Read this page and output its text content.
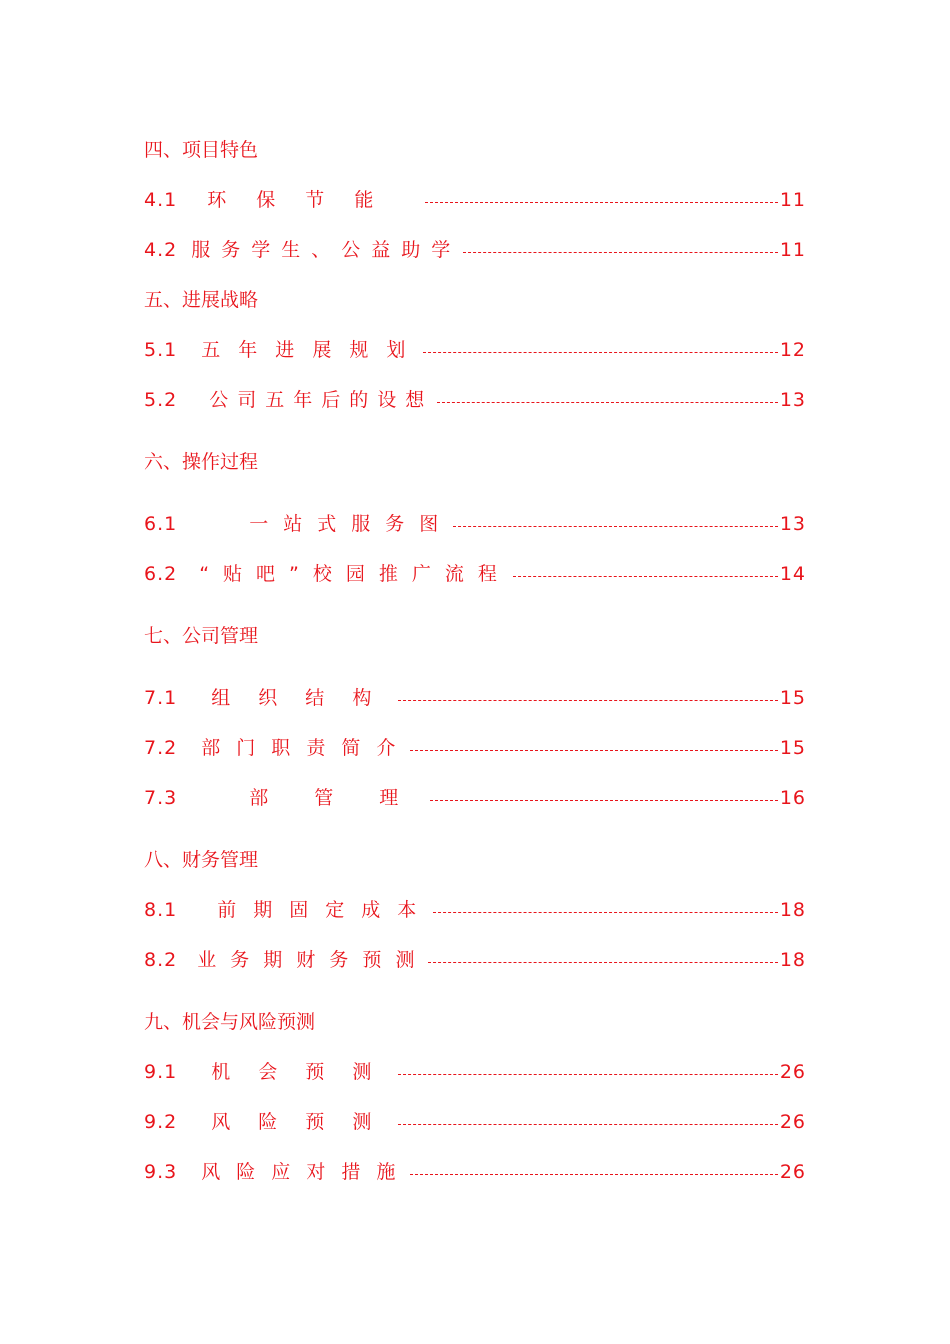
四、项目特色
4.1 环 保 节 能	11
4.2 服务学生、公益助学	11
五、进展战略
5.1 五 年 进 展 规 划	12
5.2 公司五年后的设想	13
六、操作过程
6.1	一站式服务图	13
6.2 “贴吧”校园推广流程	14
七、公司管理
7.1 组 织 结 构	15
7.2 部 门 职 责 简 介	15
7.3	部 管 理	16
八、财务管理
8.1 前期固定成本	18
8.2 业 务 期 财 务 预 测	18
九、机会与风险预测
9.1 机 会 预 测	26
9.2 风 险 预 测	26
9.3 风 险 应 对 措 施	26
